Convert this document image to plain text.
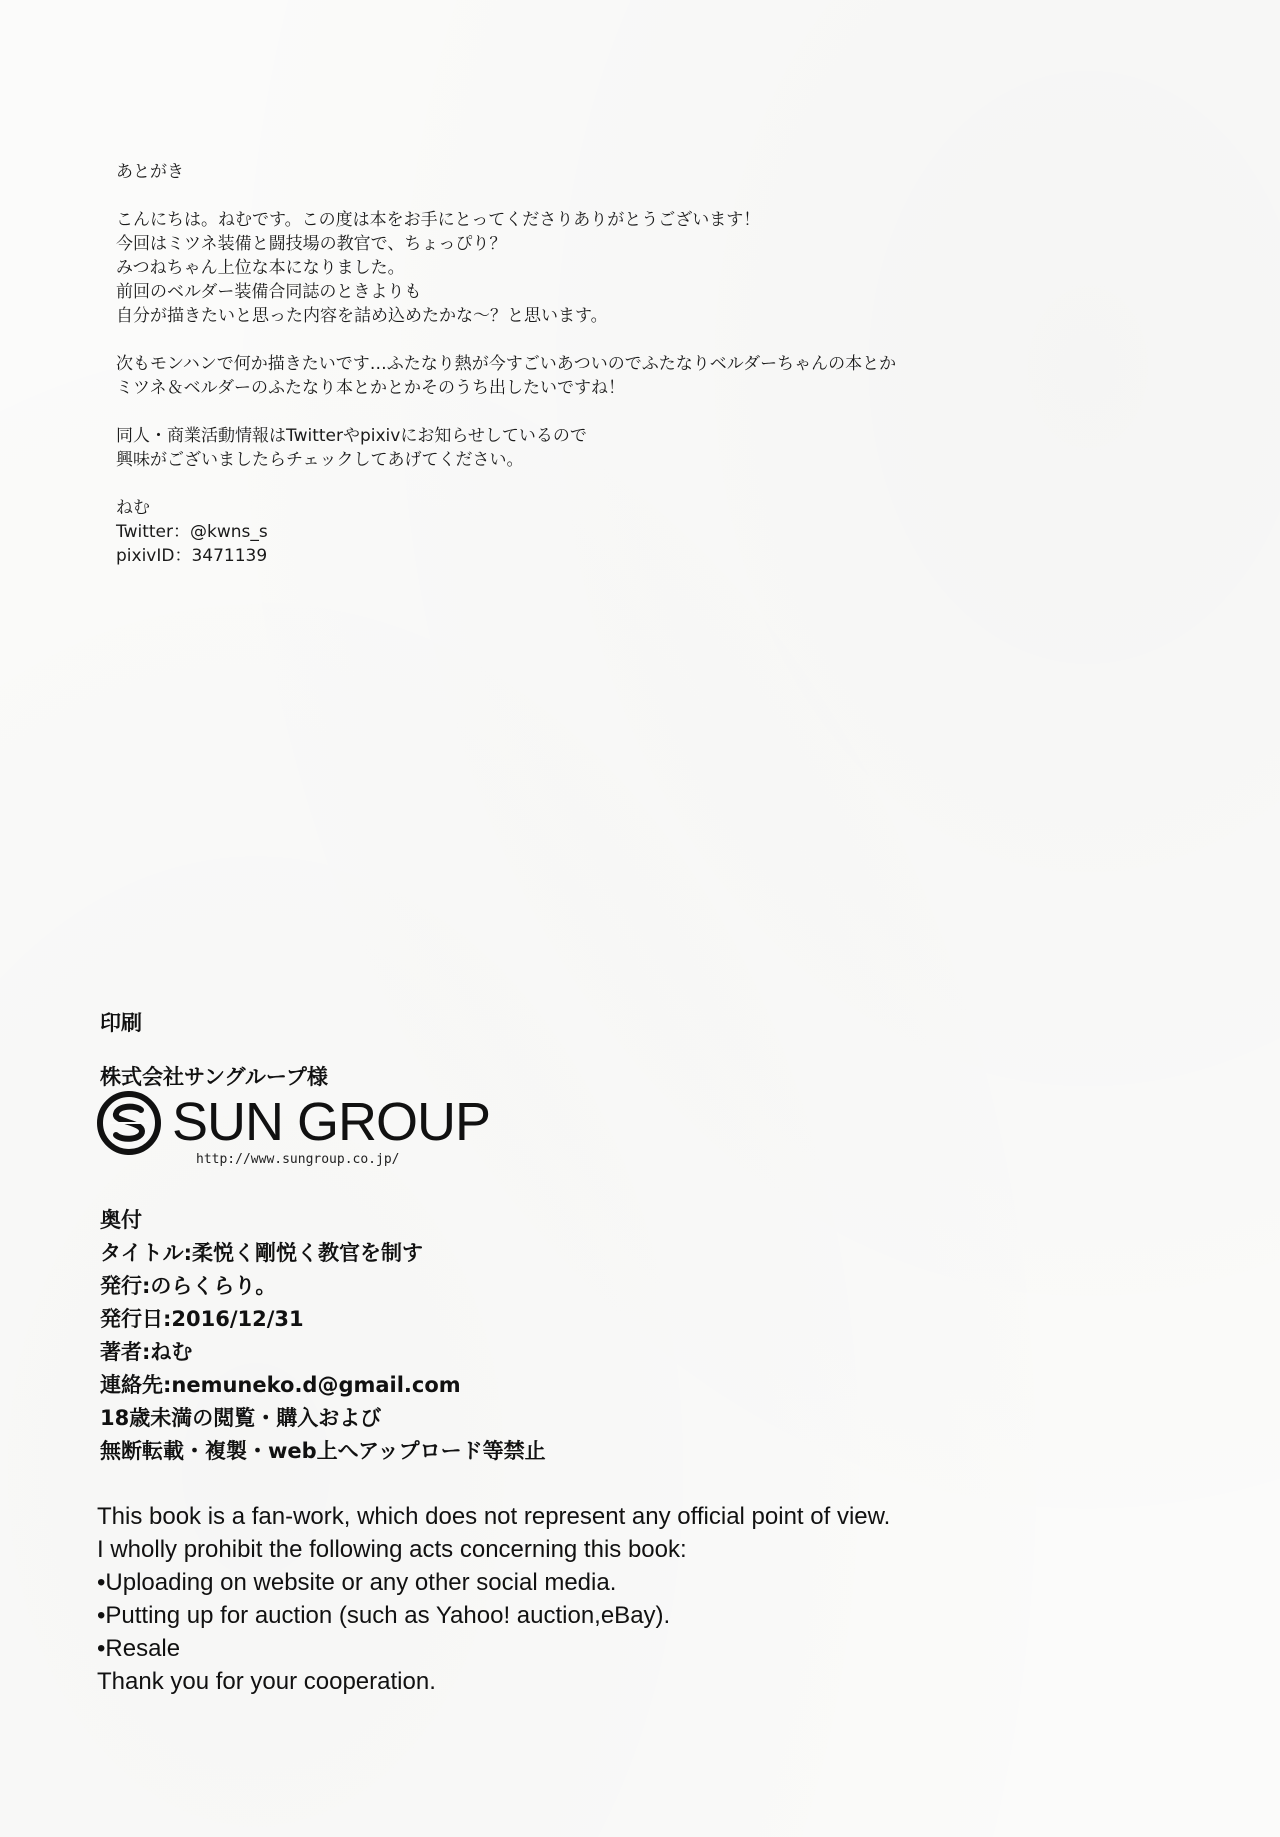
あとがき
こんにちは。ねむです。この度は本をお手にとってくださりありがとうございます！
今回はミツネ装備と闘技場の教官で、ちょっぴり？
みつねちゃん上位な本になりました。
前回のベルダー装備合同誌のときよりも
自分が描きたいと思った内容を詰め込めたかな～？と思います。
次もモンハンで何か描きたいです…ふたなり熱が今すごいあついのでふたなりベルダーちゃんの本とか
ミツネ＆ベルダーのふたなり本とかとかそのうち出したいですね！
同人・商業活動情報はTwitterやpixivにお知らせしているので
興味がございましたらチェックしてあげてください。
ねむ
Twitter：@kwns_s
pixivID：3471139
印刷
株式会社サングループ様
SUN GROUP
http://www.sungroup.co.jp/
奥付
タイトル:柔悦く剛悦く教官を制す
発行:のらくらり。
発行日:2016/12/31
著者:ねむ
連絡先:nemuneko.d@gmail.com
18歳未満の閲覧・購入および
無断転載・複製・web上へアップロード等禁止
This book is a fan-work, which does not represent any official point of view.
I wholly prohibit the following acts concerning this book:
•Uploading on website or any other social media.
•Putting up for auction (such as Yahoo! auction,eBay).
•Resale
Thank you for your cooperation.
